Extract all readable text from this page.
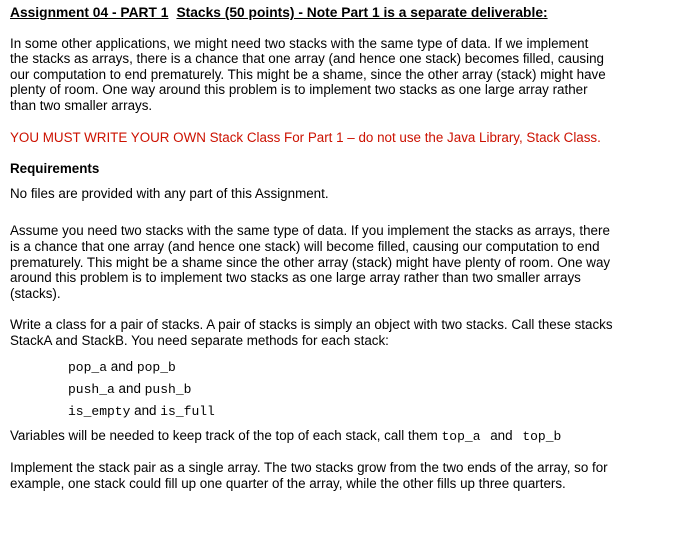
Assignment 04 - PART 1 Stacks (50 points) - Note Part 1 is a separate deliverable:

In some other applications, we might need two stacks with the same type of data. If we implement
the stacks as arrays, there is a chance that one array (and hence one stack) becomes filled, causing
our computation to end prematurely. This might be a shame, since the other array (stack) might have
plenty of room. One way around this problem is to implement two stacks as one large array rather
than two smaller arrays.

YOU MUST WRITE YOUR OWN Stack Class For Part 1 – do not use the Java Library, Stack Class.

Requirements

No files are provided with any part of this Assignment.

Assume you need two stacks with the same type of data. If you implement the stacks as arrays, there
is a chance that one array (and hence one stack) will become filled, causing our computation to end
prematurely. This might be a shame since the other array (stack) might have plenty of room. One way
around this problem is to implement two stacks as one large array rather than two smaller arrays
(stacks).

Write a class for a pair of stacks. A pair of stacks is simply an object with two stacks. Call these stacks
StackA and StackB. You need separate methods for each stack:

pop_a and pop_b
push_a and push_b
is_empty and is_full

Variables will be needed to keep track of the top of each stack, call them top_a and top_b

Implement the stack pair as a single array. The two stacks grow from the two ends of the array, so for
example, one stack could fill up one quarter of the array, while the other fills up three quarters.
